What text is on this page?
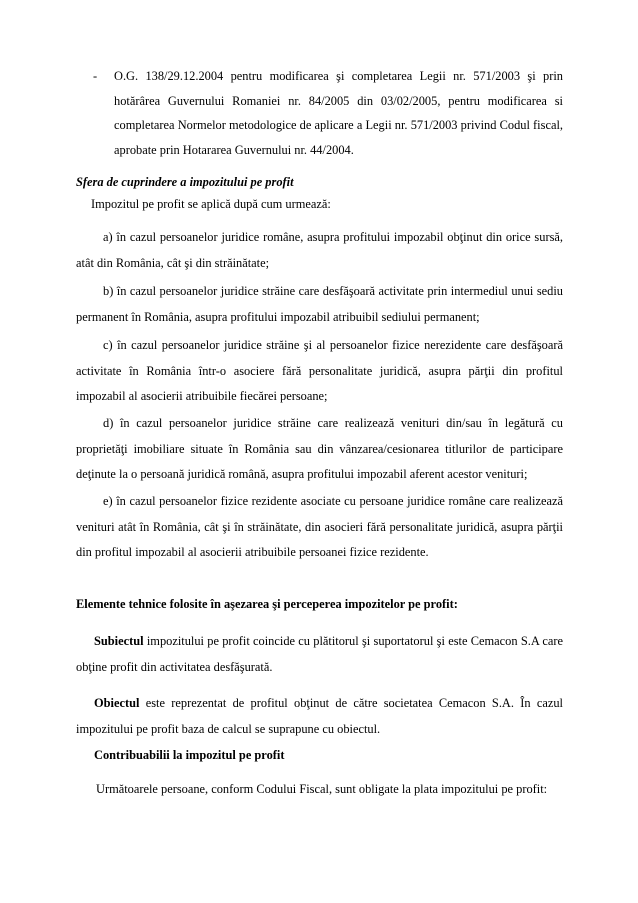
- O.G. 138/29.12.2004 pentru modificarea şi completarea Legii nr. 571/2003 şi prin hotărârea Guvernului Romaniei nr. 84/2005 din 03/02/2005, pentru modificarea si completarea Normelor metodologice de aplicare a Legii nr. 571/2003 privind Codul fiscal, aprobate prin Hotararea Guvernului nr. 44/2004.
Sfera de cuprindere a impozitului pe profit
Impozitul pe profit se aplică după cum urmează:
a) în cazul persoanelor juridice române, asupra profitului impozabil obţinut din orice sursă, atât din România, cât şi din străinătate;
b) în cazul persoanelor juridice străine care desfăşoară activitate prin intermediul unui sediu permanent în România, asupra profitului impozabil atribuibil sediului permanent;
c) în cazul persoanelor juridice străine şi al persoanelor fizice nerezidente care desfăşoară activitate în România într-o asociere fără personalitate juridică, asupra părţii din profitul impozabil al asocierii atribuibile fiecărei persoane;
d) în cazul persoanelor juridice străine care realizează venituri din/sau în legătură cu proprietăţi imobiliare situate în România sau din vânzarea/cesionarea titlurilor de participare deţinute la o persoană juridică română, asupra profitului impozabil aferent acestor venituri;
e) în cazul persoanelor fizice rezidente asociate cu persoane juridice române care realizează venituri atât în România, cât şi în străinătate, din asocieri fără personalitate juridică, asupra părţii din profitul impozabil al asocierii atribuibile persoanei fizice rezidente.
Elemente tehnice folosite în aşezarea şi perceperea impozitelor pe profit:
Subiectul impozitului pe profit coincide cu plătitorul şi suportatorul şi este Cemacon S.A care obţine profit din activitatea desfăşurată.
Obiectul este reprezentat de profitul obţinut de către societatea Cemacon S.A. În cazul impozitului pe profit baza de calcul se suprapune cu obiectul.
Contribuabilii la impozitul pe profit
Următoarele persoane, conform Codului Fiscal, sunt obligate la plata impozitului pe profit:
